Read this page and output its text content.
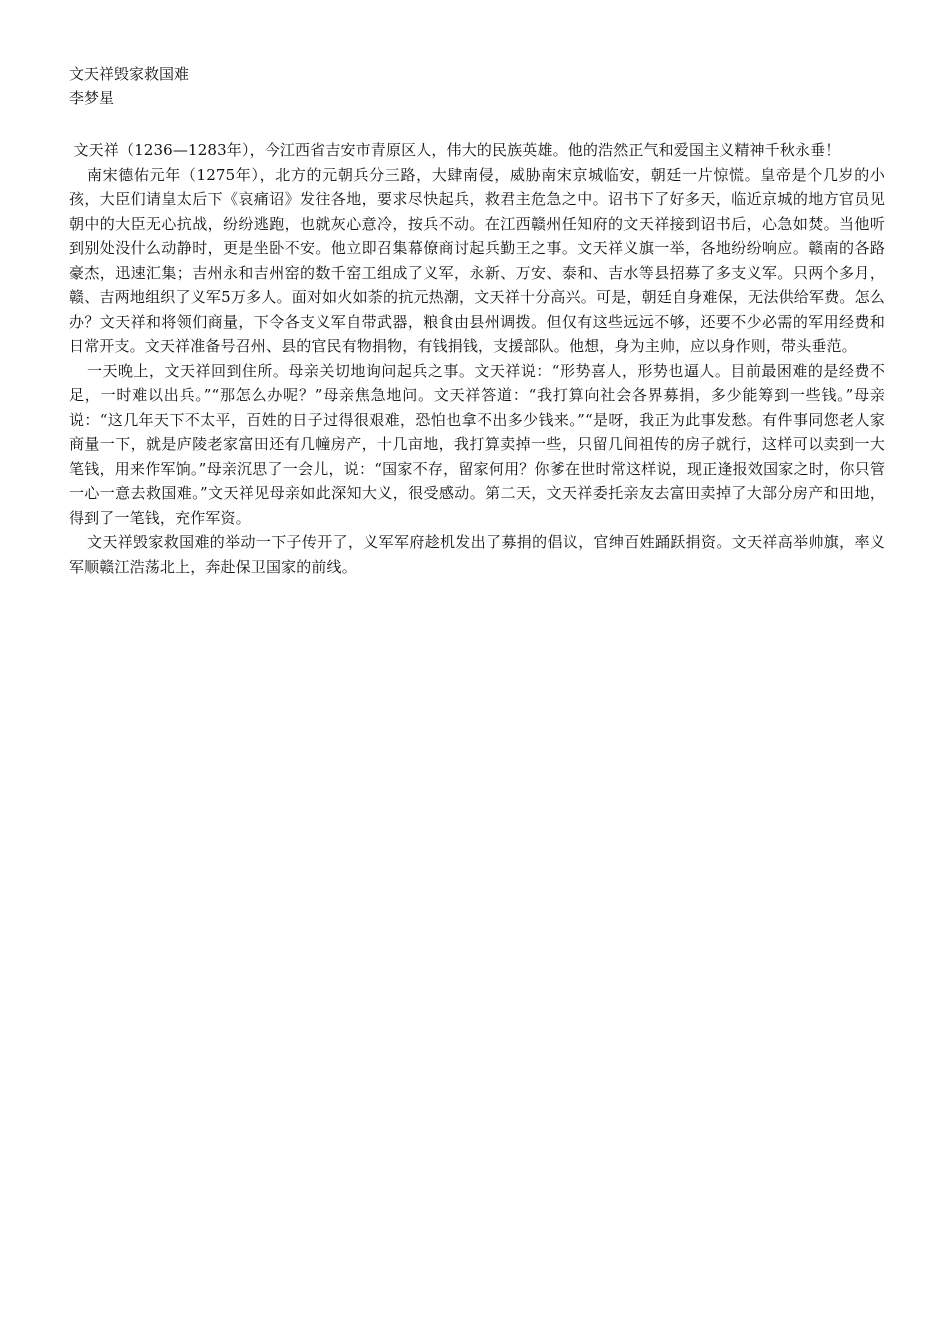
文天祥毁家救国难

李梦星

文天祥（1236—1283年），今江西省吉安市青原区人，伟大的民族英雄。他的浩然正气和爱国主义精神千秋永垂！

南宋德佑元年（1275年），北方的元朝兵分三路，大肆南侵，威胁南宋京城临安，朝廷一片惊慌。皇帝是个几岁的小孩，大臣们请皇太后下《哀痛诏》发往各地，要求尽快起兵，救君主危急之中。诏书下了好多天，临近京城的地方官员见朝中的大臣无心抗战，纷纷逃跑，也就灰心意冷，按兵不动。在江西赣州任知府的文天祥接到诏书后，心急如焚。当他听到别处没什么动静时，更是坐卧不安。他立即召集幕僚商讨起兵勤王之事。文天祥义旗一举，各地纷纷响应。赣南的各路豪杰，迅速汇集；吉州永和吉州窑的数千窑工组成了义军，永新、万安、泰和、吉水等县招募了多支义军。只两个多月，赣、吉两地组织了义军5万多人。面对如火如荼的抗元热潮，文天祥十分高兴。可是，朝廷自身难保，无法供给军费。怎么办？文天祥和将领们商量，下令各支义军自带武器，粮食由县州调拨。但仅有这些远远不够，还要不少必需的军用经费和日常开支。文天祥准备号召州、县的官民有物捐物，有钱捐钱，支援部队。他想，身为主帅，应以身作则，带头垂范。

一天晚上，文天祥回到住所。母亲关切地询问起兵之事。文天祥说：“形势喜人，形势也逼人。目前最困难的是经费不足，一时难以出兵。”“那怎么办呢？”母亲焦急地问。文天祥答道：“我打算向社会各界募捐，多少能筹到一些钱。”母亲说：“这几年天下不太平，百姓的日子过得很艰难，恐怕也拿不出多少钱来。”“是呀，我正为此事发愁。有件事同您老人家商量一下，就是庐陵老家富田还有几幢房产，十几亩地，我打算卖掉一些，只留几间祖传的房子就行，这样可以卖到一大笔钱，用来作军饷。”母亲沉思了一会儿，说：“国家不存，留家何用？你爹在世时常这样说，现正逢报效国家之时，你只管一心一意去救国难。”文天祥见母亲如此深知大义，很受感动。第二天，文天祥委托亲友去富田卖掉了大部分房产和田地，得到了一笔钱，充作军资。

文天祥毁家救国难的举动一下子传开了，义军军府趁机发出了募捐的倡议，官绅百姓踊跃捐资。文天祥高举帅旗，率义军顺赣江浩荡北上，奔赴保卫国家的前线。
